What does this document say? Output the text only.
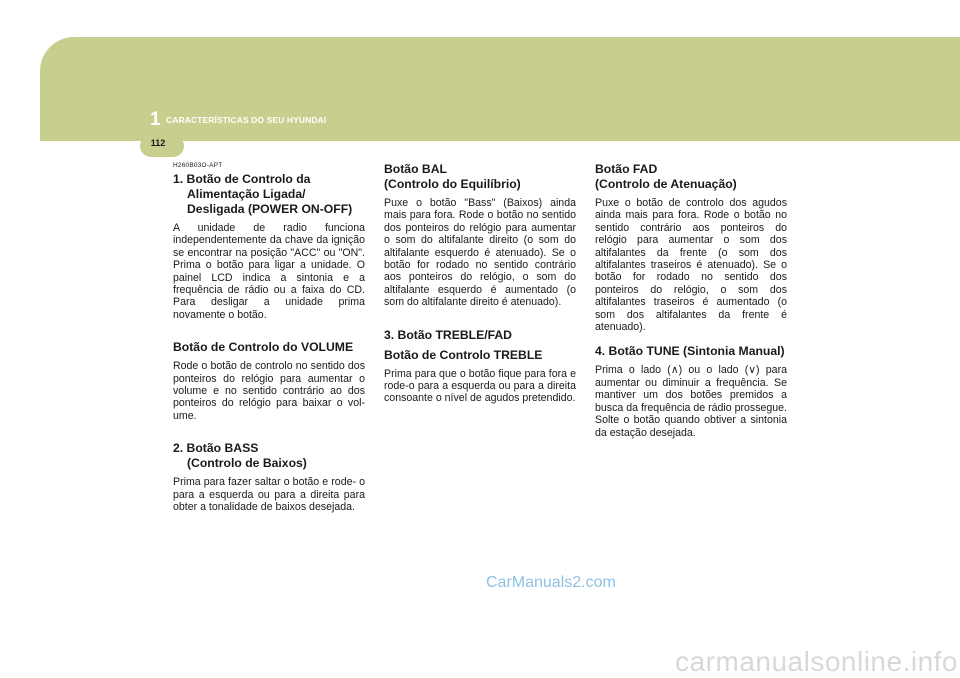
1 CARACTERÍSTICAS DO SEU HYUNDAI
112
H260B03O-APT
1. Botão de Controlo da
Alimentação Ligada/
Desligada (POWER ON-OFF)

A unidade de radio funciona independentemente da chave da ignição se encontrar na posição "ACC" ou "ON". Prima o botão para ligar a unidade. O painel LCD indica a sintonia e a frequência de rádio ou a faixa do CD. Para desligar a unidade prima novamente o botão.

Botão de Controlo do VOLUME

Rode o botão de controlo no sentido dos ponteiros do relógio para aumentar o volume e no sentido contrário ao dos ponteiros do relógio para baixar o vol- ume.

2. Botão BASS
(Controlo de Baixos)

Prima para fazer saltar o botão e rode- o para a esquerda ou para a direita para obter a tonalidade de baixos desejada.

Botão BAL
(Controlo do Equilíbrio)

Puxe o botão "Bass" (Baixos) ainda mais para fora. Rode o botão no sentido dos ponteiros do relógio para aumentar o som do altifalante direito (o som do altifalante esquerdo é atenuado). Se o botão for rodado no sentido contrário aos ponteiros do relógio, o som do altifalante esquerdo é aumentado (o som do altifalante direito é atenuado).

3. Botão TREBLE/FAD
Botão de Controlo TREBLE

Prima para que o botão fique para fora e rode-o para a esquerda ou para a direita consoante o nível de agudos pretendido.

Botão FAD
(Controlo de Atenuação)

Puxe o botão de controlo dos agudos ainda mais para fora. Rode o botão no sentido contrário aos ponteiros do relógio para aumentar o som dos altifalantes da frente (o som dos altifalantes traseiros é atenuado). Se o botão for rodado no sentido dos ponteiros do relógio, o som dos altifalantes traseiros é aumentado (o som dos altifalantes da frente é atenuado).

4. Botão TUNE (Sintonia Manual)

Prima o lado (∧) ou o lado (∨) para aumentar ou diminuir a frequência. Se mantiver um dos botões premidos a busca da frequência de rádio prossegue. Solte o botão quando obtiver a sintonia da estação desejada.

CarManuals2.com
carmanualsonline.info
